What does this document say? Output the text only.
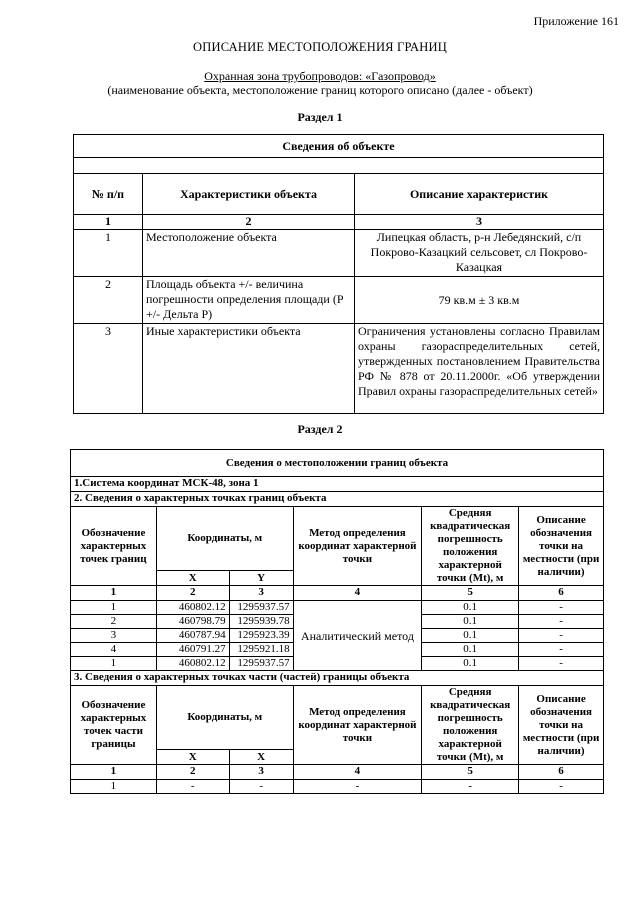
Приложение 161
ОПИСАНИЕ МЕСТОПОЛОЖЕНИЯ ГРАНИЦ
Охранная зона трубопроводов: «Газопровод»
(наименование объекта, местоположение границ которого описано (далее - объект)
Раздел 1
Сведения об объекте		

№ п/п	Характеристики объекта	Описание характеристик
1	2	3
1	Местоположение объекта	Липецкая область, р-н Лебедянский, с/п Покрово-Казацкий сельсовет, сл Покрово-Казацкая
2	Площадь объекта +/- величина погрешности определения площади (Р +/- Дельта Р)	79 кв.м ± 3 кв.м
3	Иные характеристики объекта	Ограничения установлены согласно Правилам охраны газораспределительных сетей, утвержденных постановлением Правительства РФ № 878 от 20.11.2000г. «Об утверждении Правил охраны газораспределительных сетей»
Раздел 2
Сведения о местоположении границ объекта					
1.Система координат МСК-48, зона 1					
2. Сведения о характерных точках границ объекта					
Обозначение характерных точек границ	Координаты, м		Метод определения координат характерной точки	Средняя квадратическая погрешность положения характерной точки (Mt), м	Описание обозначения точки на местности (при наличии)
	X	Y			
1	2	3	4	5	6
1	460802.12	1295937.57	Аналитический метод	0.1	-
2	460798.79	1295939.78		0.1	-
3	460787.94	1295923.39		0.1	-
4	460791.27	1295921.18		0.1	-
1	460802.12	1295937.57		0.1	-
3. Сведения о характерных точках части (частей) границы объекта					
Обозначение характерных точек части границы	Координаты, м		Метод определения координат характерной точки	Средняя квадратическая погрешность положения характерной точки (Mt), м	Описание обозначения точки на местности (при наличии)
	X	X			
1	2	3	4	5	6
1	-	-	-	-	-
